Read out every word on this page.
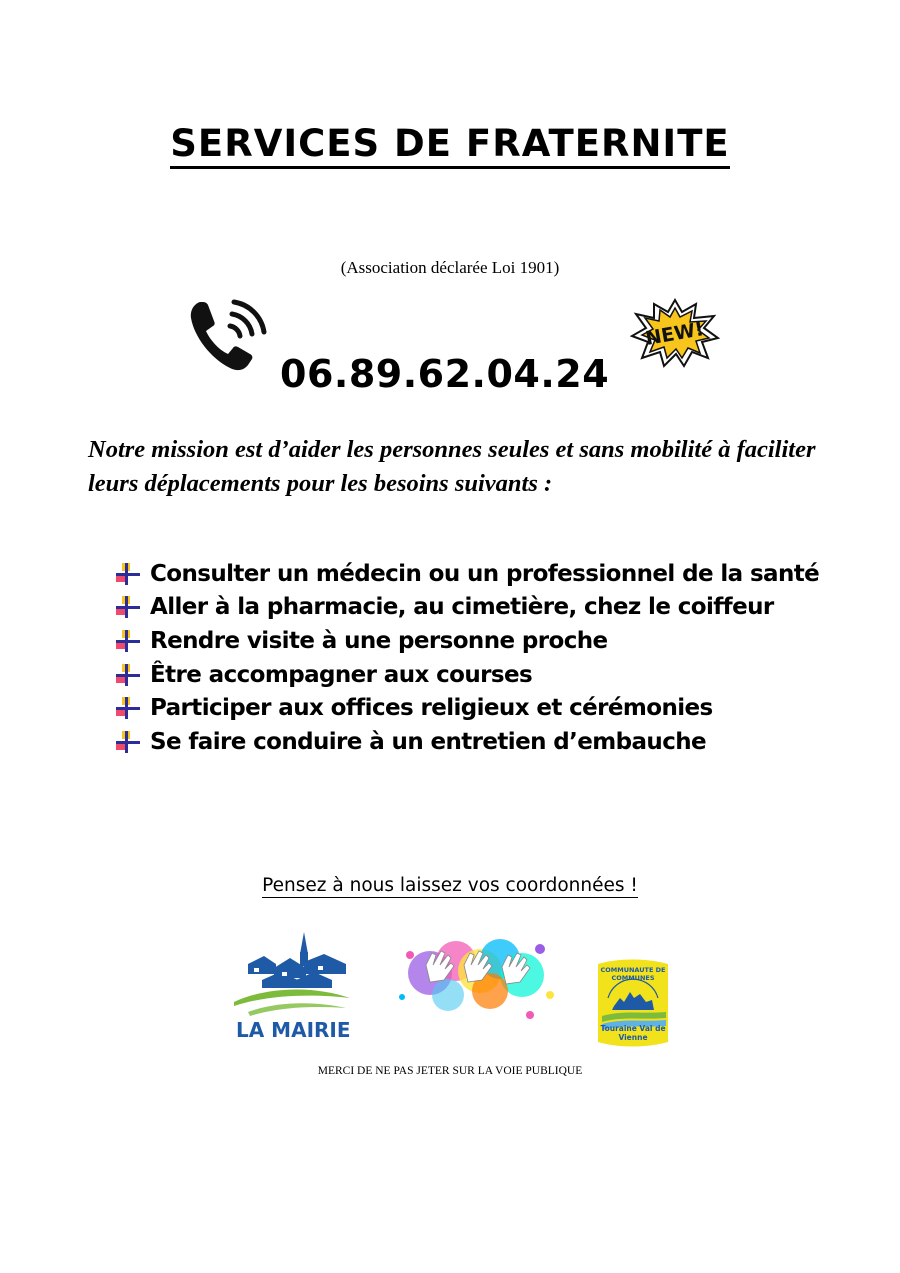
SERVICES DE FRATERNITE
(Association déclarée Loi 1901)
06.89.62.04.24
NEW!
Notre mission est d’aider les personnes seules et sans mobilité à faciliter leurs déplacements pour les besoins suivants :
Consulter un médecin ou un professionnel de la santé
Aller à la pharmacie, au cimetière, chez le coiffeur
Rendre visite à une personne proche
Être accompagner aux courses
Participer aux offices religieux et cérémonies
Se faire conduire à un entretien d’embauche
Pensez à nous laissez vos coordonnées !
LA MAIRIE
COMMUNAUTE DE COMMUNES
Touraine Val de Vienne
MERCI DE NE PAS JETER SUR LA VOIE PUBLIQUE
